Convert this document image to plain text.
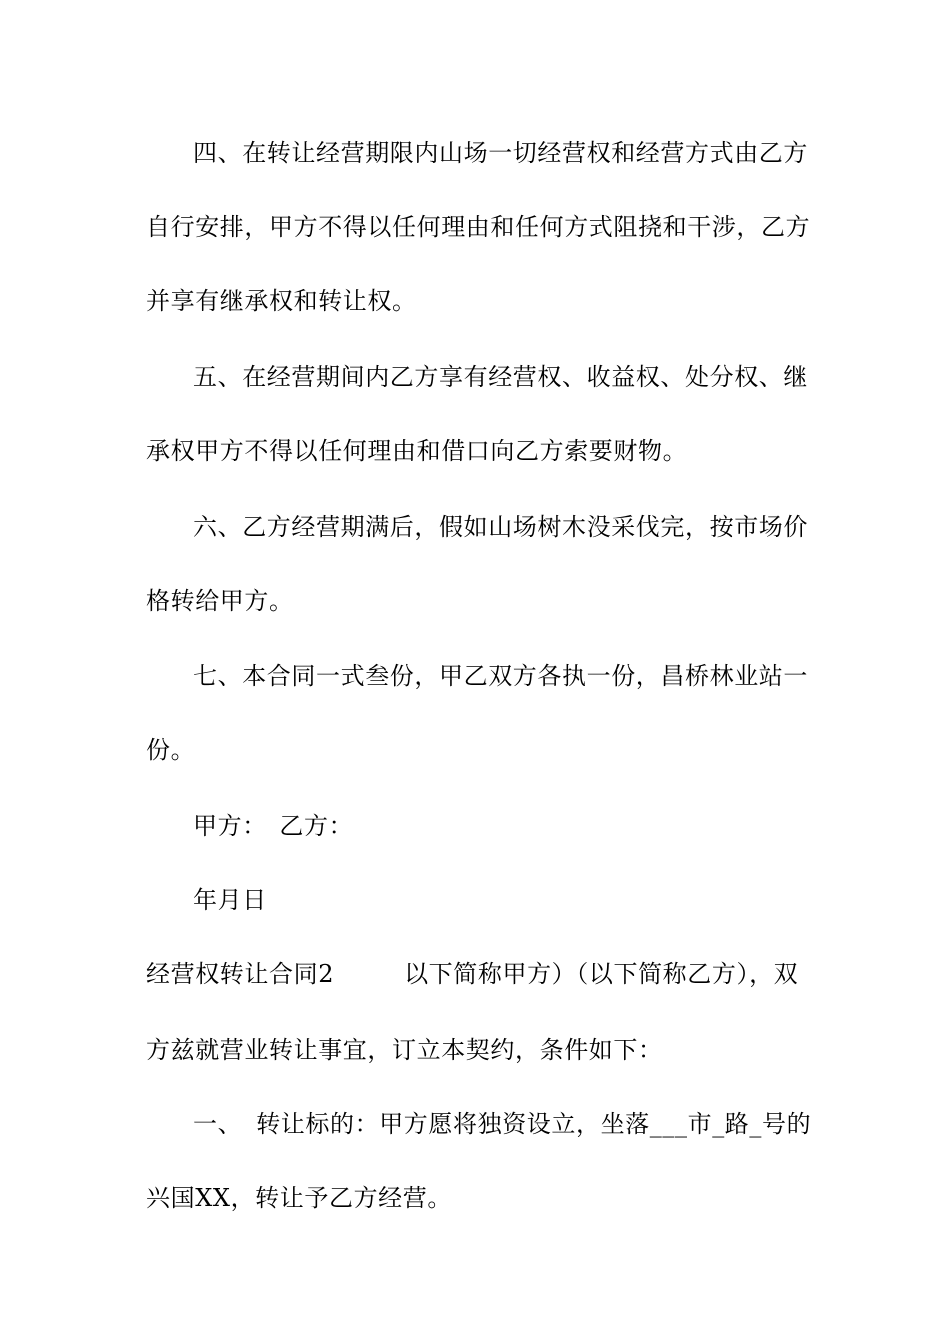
四、在转让经营期限内山场一切经营权和经营方式由乙方
自行安排，甲方不得以任何理由和任何方式阻挠和干涉，乙方
并享有继承权和转让权。
五、在经营期间内乙方享有经营权、收益权、处分权、继
承权甲方不得以任何理由和借口向乙方索要财物。
六、乙方经营期满后，假如山场树木没采伐完，按市场价
格转给甲方。
七、本合同一式叁份，甲乙双方各执一份，昌桥林业站一
份。
甲方：　乙方：
年月日
经营权转让合同2	以下简称甲方）（以下简称乙方），双
方兹就营业转让事宜，订立本契约，条件如下：
一、 转让标的：甲方愿将独资设立，坐落___市_路_号的
兴国XX，转让予乙方经营。
